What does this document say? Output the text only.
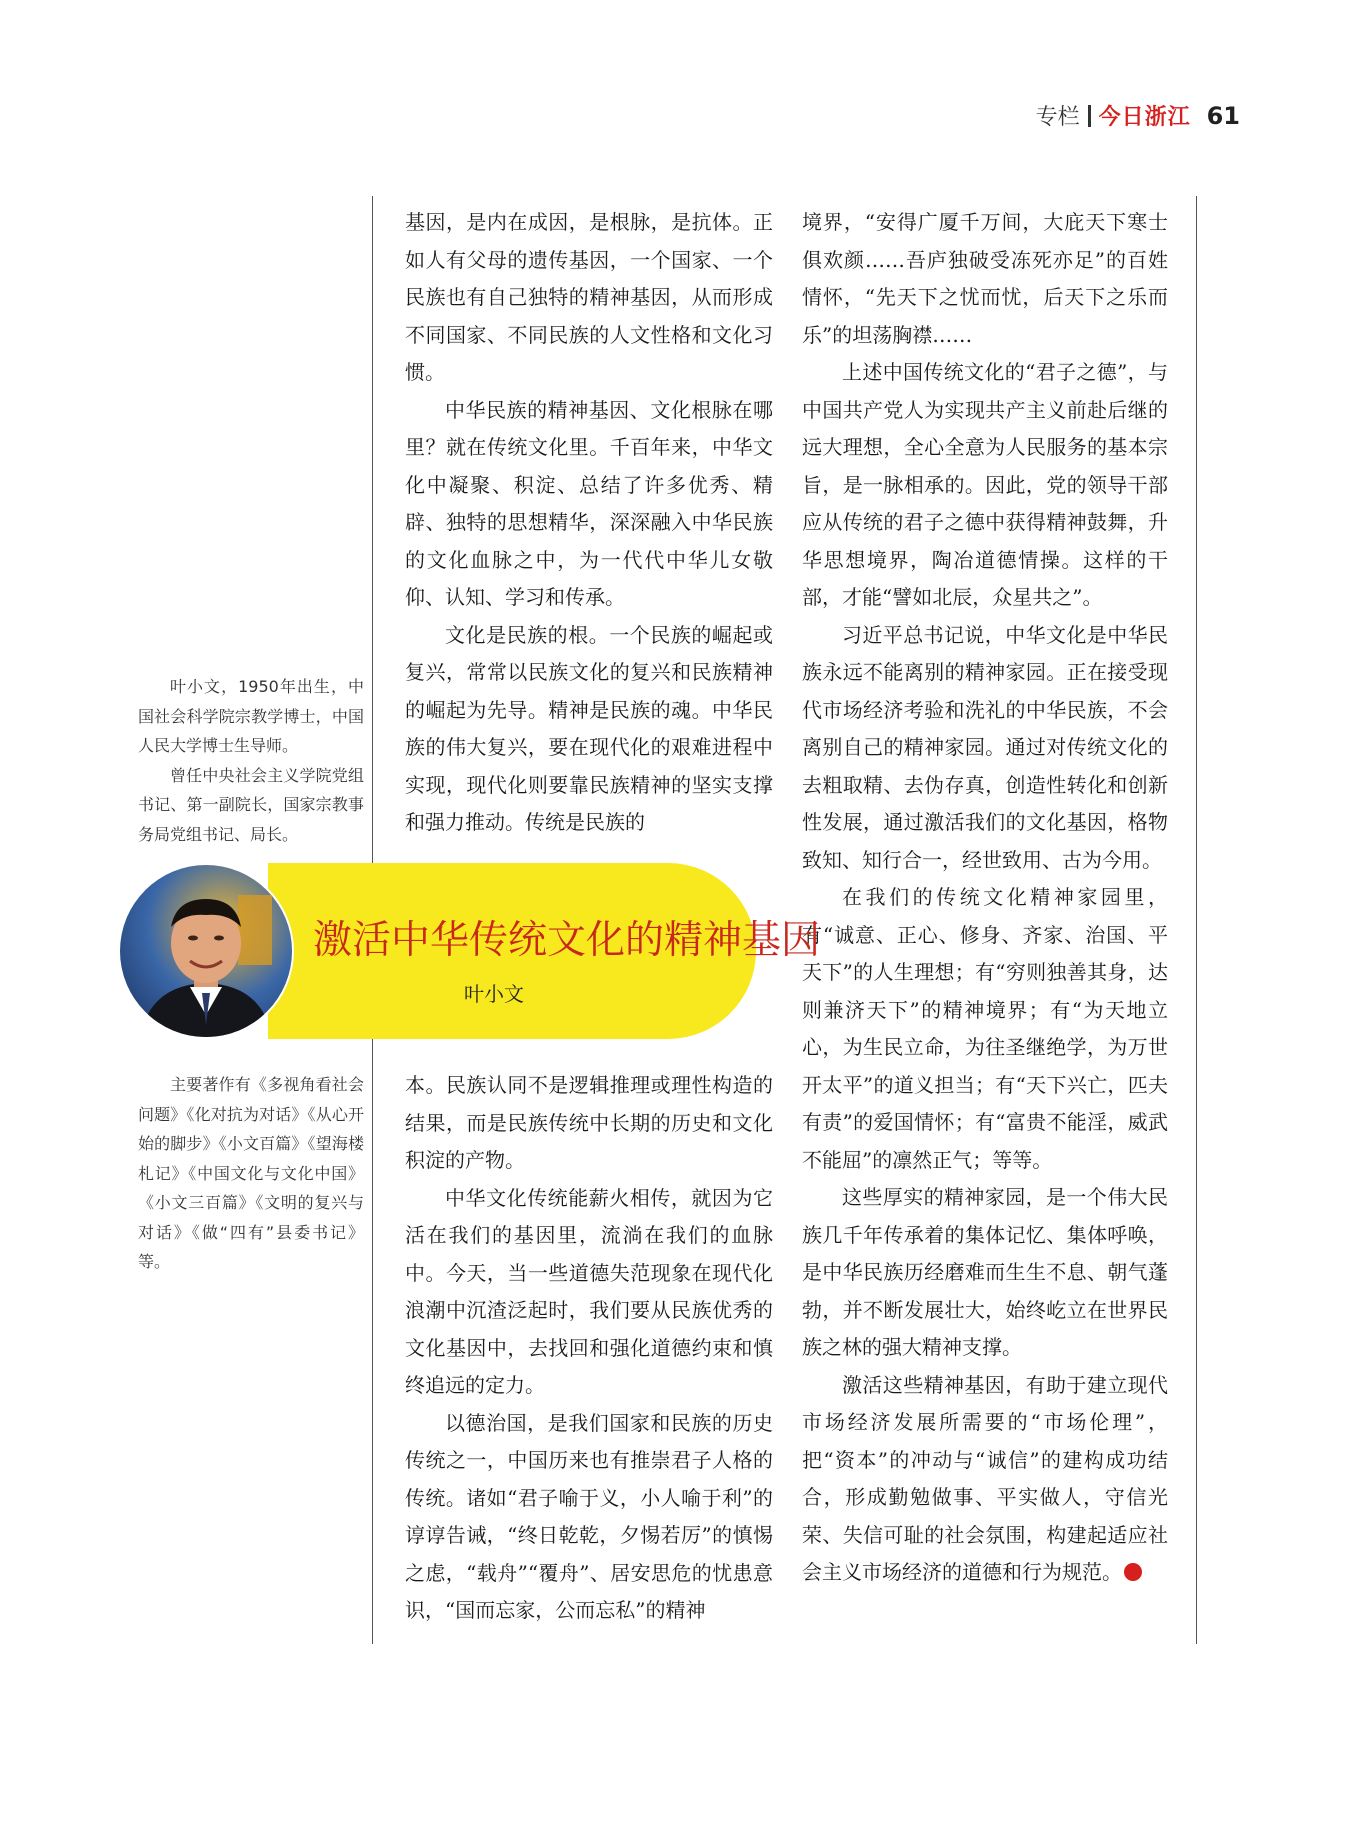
专栏 今日浙江 61

叶小文，1950年出生，中国社会科学院宗教学博士，中国人民大学博士生导师。

曾任中央社会主义学院党组书记、第一副院长，国家宗教事务局党组书记、局长。

主要著作有《多视角看社会问题》《化对抗为对话》《从心开始的脚步》《小文百篇》《望海楼札记》《中国文化与文化中国》《小文三百篇》《文明的复兴与对话》《做“四有”县委书记》等。

基因，是内在成因，是根脉，是抗体。正如人有父母的遗传基因，一个国家、一个民族也有自己独特的精神基因，从而形成不同国家、不同民族的人文性格和文化习惯。

中华民族的精神基因、文化根脉在哪里？就在传统文化里。千百年来，中华文化中凝聚、积淀、总结了许多优秀、精辟、独特的思想精华，深深融入中华民族的文化血脉之中，为一代代中华儿女敬仰、认知、学习和传承。

文化是民族的根。一个民族的崛起或复兴，常常以民族文化的复兴和民族精神的崛起为先导。精神是民族的魂。中华民族的伟大复兴，要在现代化的艰难进程中实现，现代化则要靠民族精神的坚实支撑和强力推动。传统是民族的

本。民族认同不是逻辑推理或理性构造的结果，而是民族传统中长期的历史和文化积淀的产物。

中华文化传统能薪火相传，就因为它活在我们的基因里，流淌在我们的血脉中。今天，当一些道德失范现象在现代化浪潮中沉渣泛起时，我们要从民族优秀的文化基因中，去找回和强化道德约束和慎终追远的定力。

以德治国，是我们国家和民族的历史传统之一，中国历来也有推崇君子人格的传统。诸如“君子喻于义，小人喻于利”的谆谆告诫，“终日乾乾，夕惕若厉”的慎惕之虑，“载舟”“覆舟”、居安思危的忧患意识，“国而忘家，公而忘私”的精神

境界，“安得广厦千万间，大庇天下寒士俱欢颜……吾庐独破受冻死亦足”的百姓情怀，“先天下之忧而忧，后天下之乐而乐”的坦荡胸襟……

上述中国传统文化的“君子之德”，与中国共产党人为实现共产主义前赴后继的远大理想，全心全意为人民服务的基本宗旨，是一脉相承的。因此，党的领导干部应从传统的君子之德中获得精神鼓舞，升华思想境界，陶冶道德情操。这样的干部，才能“譬如北辰，众星共之”。

习近平总书记说，中华文化是中华民族永远不能离别的精神家园。正在接受现代市场经济考验和洗礼的中华民族，不会离别自己的精神家园。通过对传统文化的去粗取精、去伪存真，创造性转化和创新性发展，通过激活我们的文化基因，格物致知、知行合一，经世致用、古为今用。

在我们的传统文化精神家园里，有“诚意、正心、修身、齐家、治国、平天下”的人生理想；有“穷则独善其身，达则兼济天下”的精神境界；有“为天地立心，为生民立命，为往圣继绝学，为万世开太平”的道义担当；有“天下兴亡，匹夫有责”的爱国情怀；有“富贵不能淫，威武不能屈”的凛然正气；等等。

这些厚实的精神家园，是一个伟大民族几千年传承着的集体记忆、集体呼唤，是中华民族历经磨难而生生不息、朝气蓬勃，并不断发展壮大，始终屹立在世界民族之林的强大精神支撑。

激活这些精神基因，有助于建立现代市场经济发展所需要的“市场伦理”，把“资本”的冲动与“诚信”的建构成功结合，形成勤勉做事、平实做人，守信光荣、失信可耻的社会氛围，构建起适应社会主义市场经济的道德和行为规范。

激活中华传统文化的精神基因
叶小文
